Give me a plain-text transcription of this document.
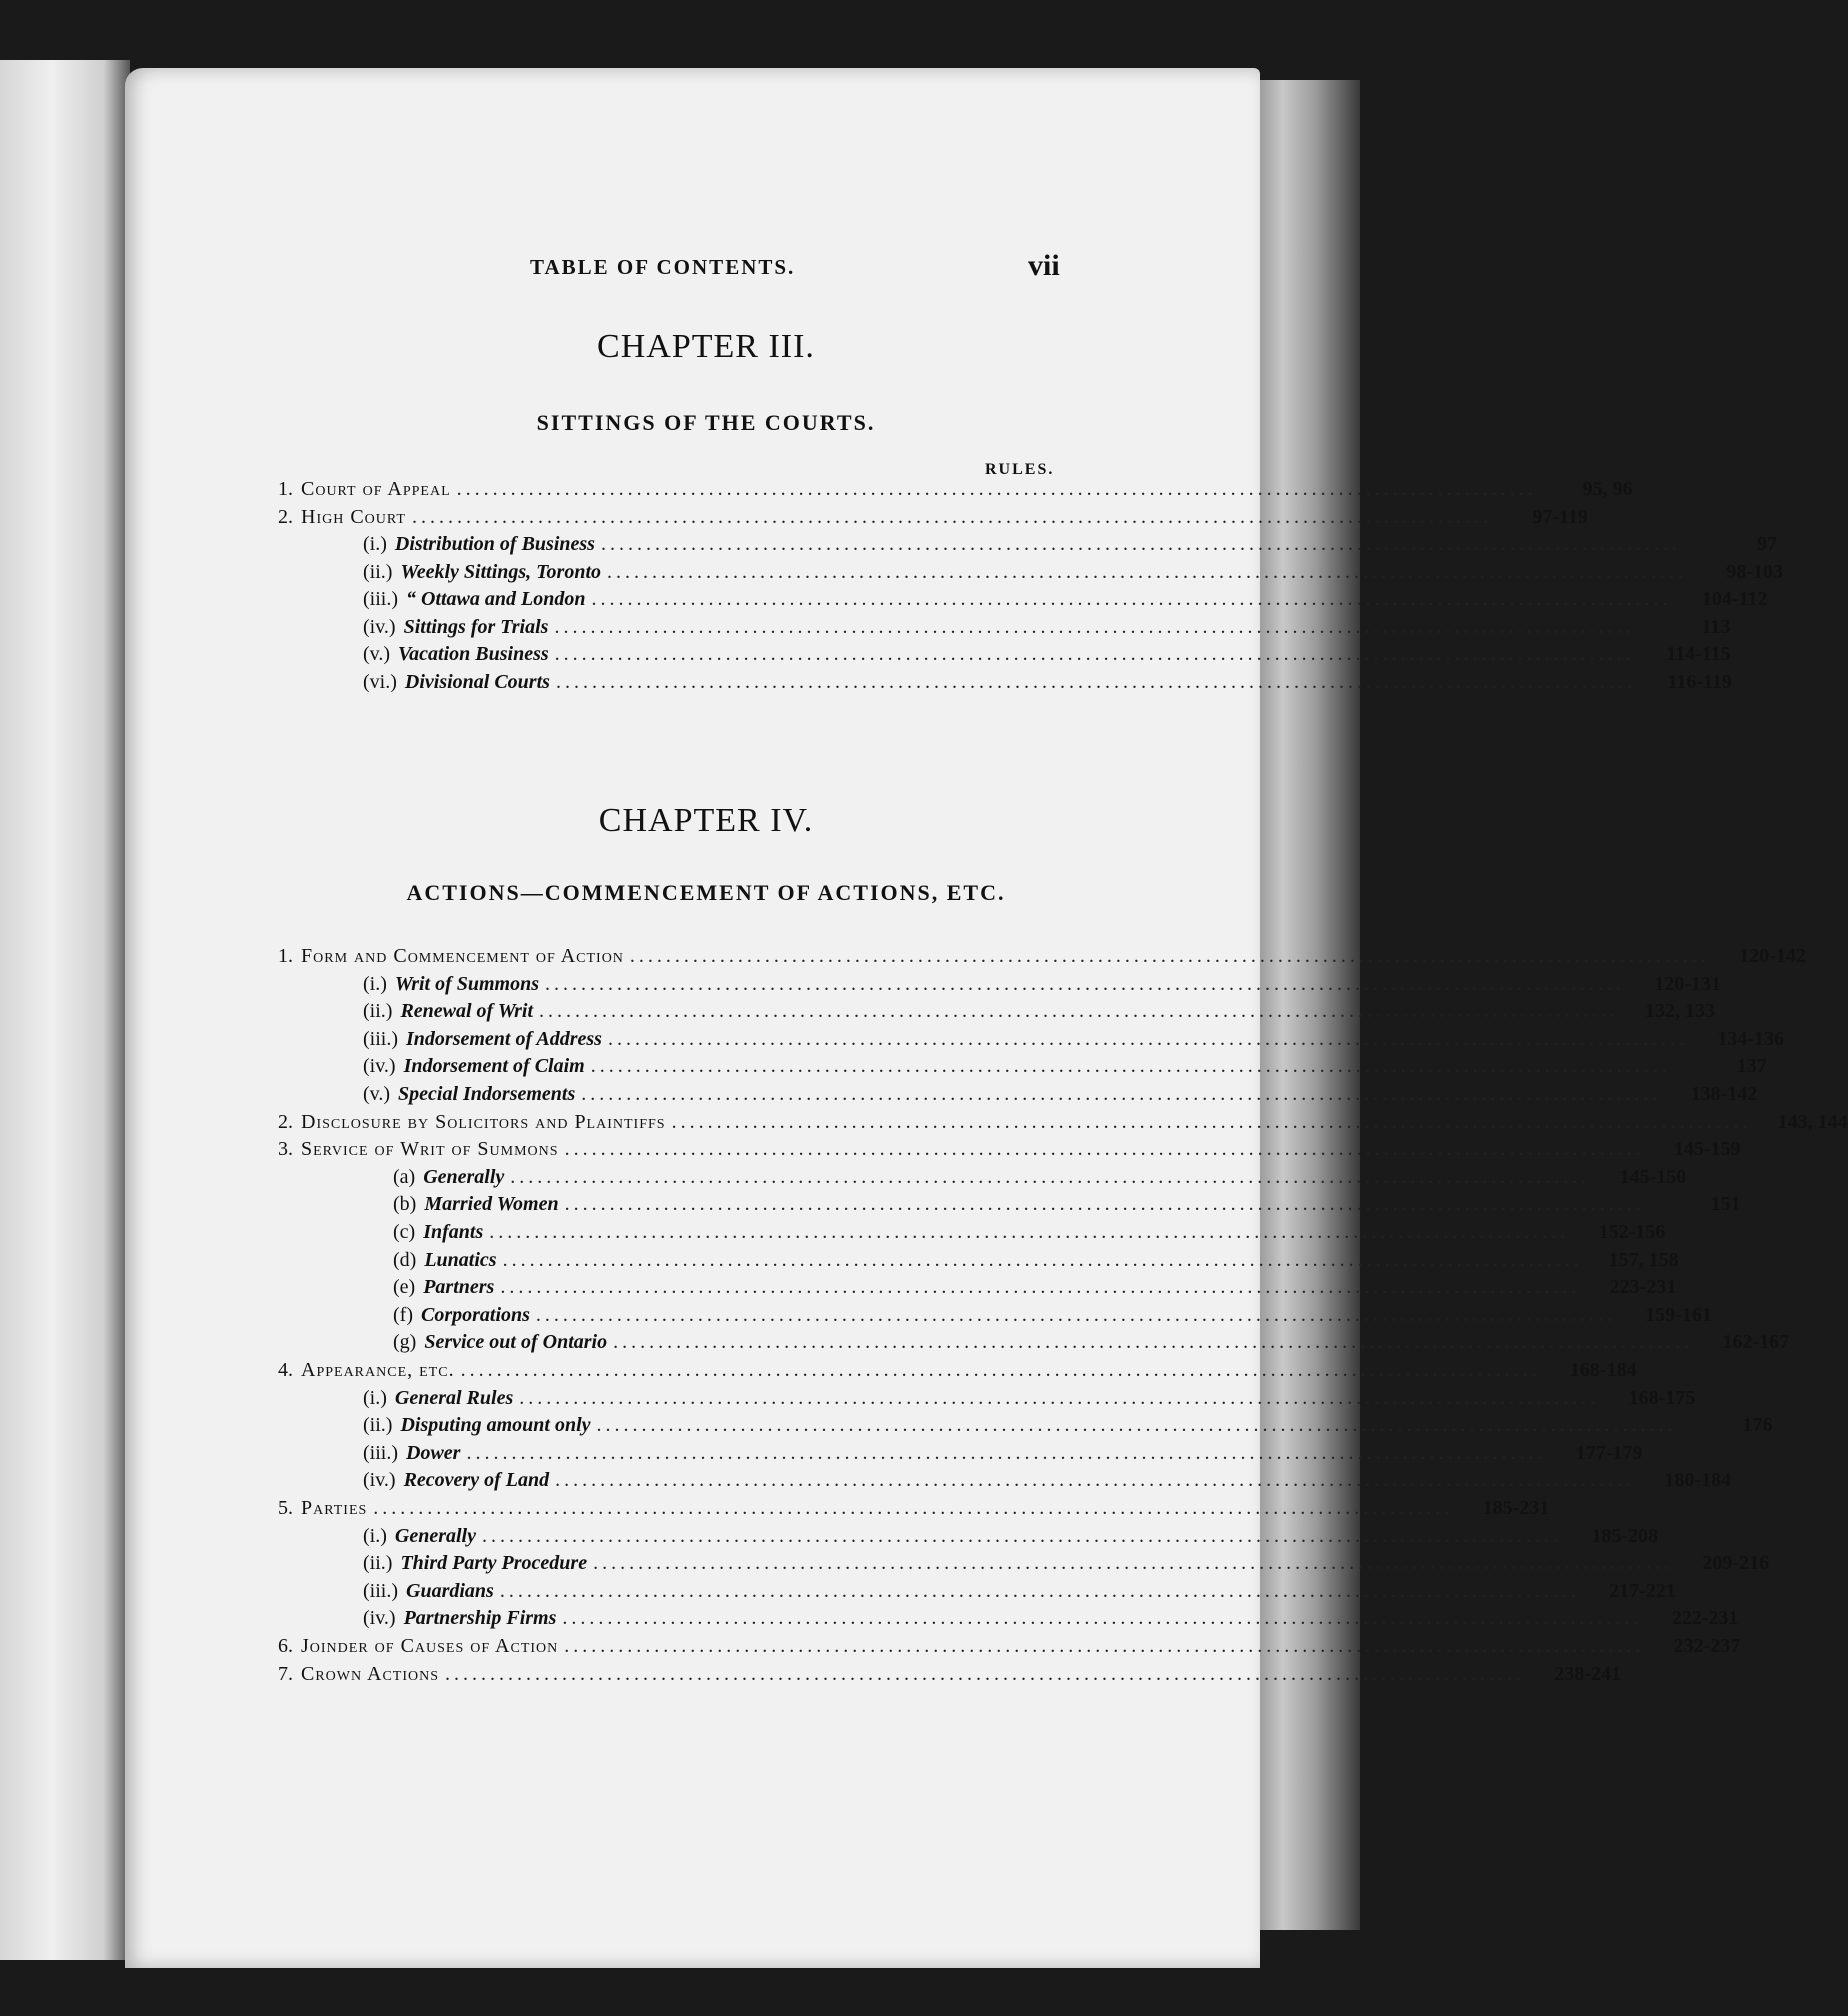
TABLE OF CONTENTS.	vii
CHAPTER III.
SITTINGS OF THE COURTS.
RULES.
1. Court of Appeal ........................................................................................................................	95, 96
2. High Court ........................................................................................................................	97-119
(i.) Distribution of Business ........................................................................................................................	97
(ii.) Weekly Sittings, Toronto ........................................................................................................................	98-103
(iii.) “ Ottawa and London ........................................................................................................................	104-112
(iv.) Sittings for Trials ........................................................................................................................	113
(v.) Vacation Business ........................................................................................................................	114-115
(vi.) Divisional Courts ........................................................................................................................	116-119
CHAPTER IV.
ACTIONS—COMMENCEMENT OF ACTIONS, ETC.
1. Form and Commencement of Action ........................................................................................................................	120-142
(i.) Writ of Summons ........................................................................................................................	120-131
(ii.) Renewal of Writ ........................................................................................................................	132, 133
(iii.) Indorsement of Address ........................................................................................................................	134-136
(iv.) Indorsement of Claim ........................................................................................................................	137
(v.) Special Indorsements ........................................................................................................................	138-142
2. Disclosure by Solicitors and Plaintiffs ........................................................................................................................	143, 144
3. Service of Writ of Summons ........................................................................................................................	145-159
(a) Generally ........................................................................................................................	145-150
(b) Married Women ........................................................................................................................	151
(c) Infants ........................................................................................................................	152-156
(d) Lunatics ........................................................................................................................	157, 158
(e) Partners ........................................................................................................................	223-231
(f) Corporations ........................................................................................................................	159-161
(g) Service out of Ontario ........................................................................................................................	162-167
4. Appearance, etc. ........................................................................................................................	168-184
(i.) General Rules ........................................................................................................................	168-175
(ii.) Disputing amount only ........................................................................................................................	176
(iii.) Dower ........................................................................................................................	177-179
(iv.) Recovery of Land ........................................................................................................................	180-184
5. Parties ........................................................................................................................	185-231
(i.) Generally ........................................................................................................................	185-208
(ii.) Third Party Procedure ........................................................................................................................	209-216
(iii.) Guardians ........................................................................................................................	217-221
(iv.) Partnership Firms ........................................................................................................................	222-231
6. Joinder of Causes of Action ........................................................................................................................	232-237
7. Crown Actions ........................................................................................................................	238-241
